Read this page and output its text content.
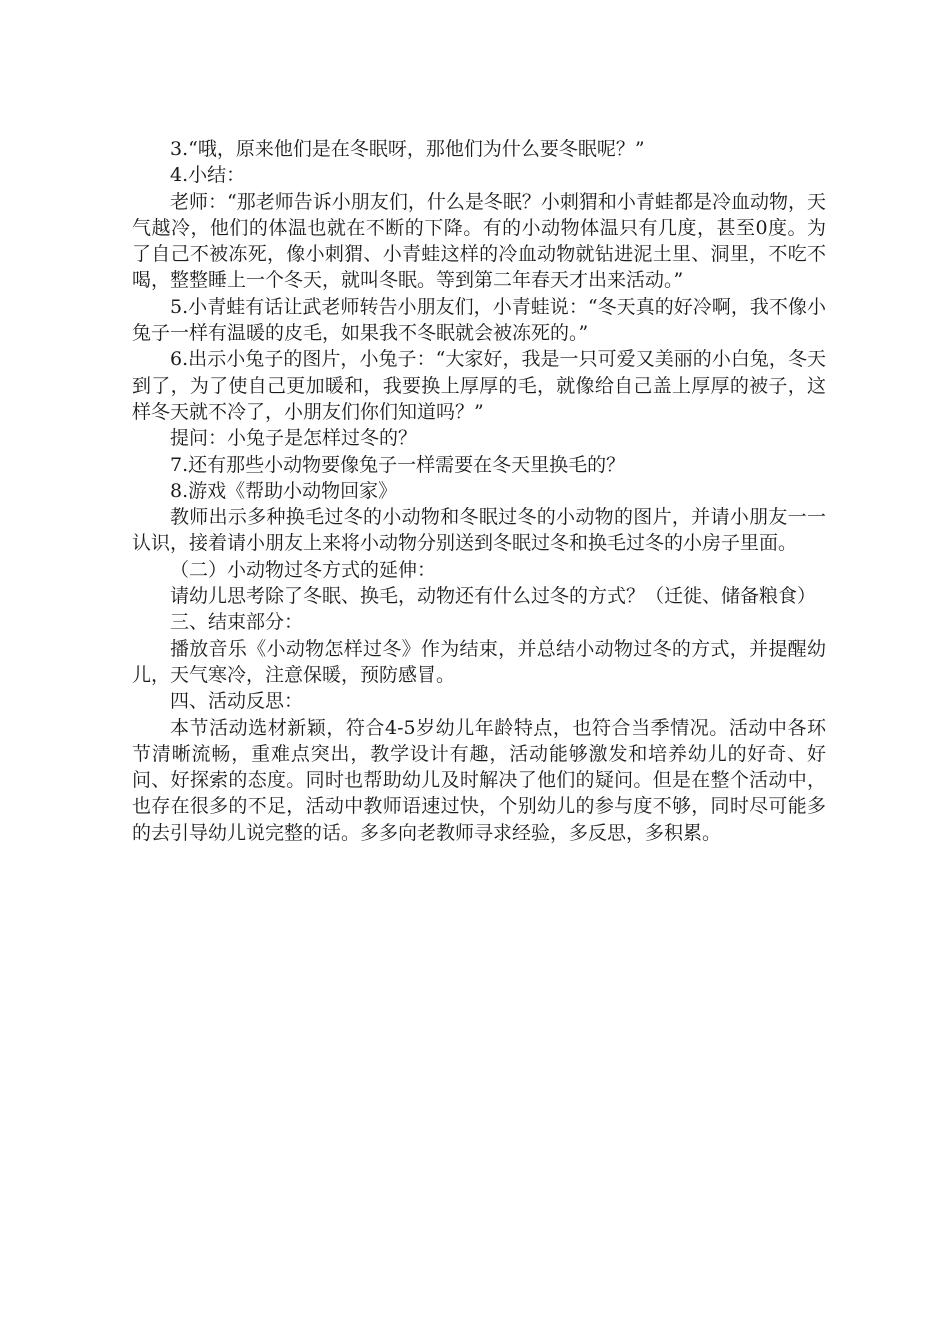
3.“哦，原来他们是在冬眠呀，那他们为什么要冬眠呢？”

4.小结：

老师：“那老师告诉小朋友们，什么是冬眠？小刺猬和小青蛙都是冷血动物，天气越冷，他们的体温也就在不断的下降。有的小动物体温只有几度，甚至0度。为了自己不被冻死，像小刺猬、小青蛙这样的冷血动物就钻进泥土里、洞里，不吃不喝，整整睡上一个冬天，就叫冬眠。等到第二年春天才出来活动。”

5.小青蛙有话让武老师转告小朋友们，小青蛙说：“冬天真的好冷啊，我不像小兔子一样有温暖的皮毛，如果我不冬眠就会被冻死的。”

6.出示小兔子的图片，小兔子：“大家好，我是一只可爱又美丽的小白兔，冬天到了，为了使自己更加暖和，我要换上厚厚的毛，就像给自己盖上厚厚的被子，这样冬天就不冷了，小朋友们你们知道吗？”

提问：小兔子是怎样过冬的？

7.还有那些小动物要像兔子一样需要在冬天里换毛的？

8.游戏《帮助小动物回家》

教师出示多种换毛过冬的小动物和冬眠过冬的小动物的图片，并请小朋友一一认识，接着请小朋友上来将小动物分别送到冬眠过冬和换毛过冬的小房子里面。

（二）小动物过冬方式的延伸：

请幼儿思考除了冬眠、换毛，动物还有什么过冬的方式？（迁徙、储备粮食）

三、结束部分：

播放音乐《小动物怎样过冬》作为结束，并总结小动物过冬的方式，并提醒幼儿，天气寒冷，注意保暖，预防感冒。

四、活动反思：

本节活动选材新颖，符合4-5岁幼儿年龄特点，也符合当季情况。活动中各环节清晰流畅，重难点突出，教学设计有趣，活动能够激发和培养幼儿的好奇、好问、好探索的态度。同时也帮助幼儿及时解决了他们的疑问。但是在整个活动中，也存在很多的不足，活动中教师语速过快，个别幼儿的参与度不够，同时尽可能多的去引导幼儿说完整的话。多多向老教师寻求经验，多反思，多积累。
